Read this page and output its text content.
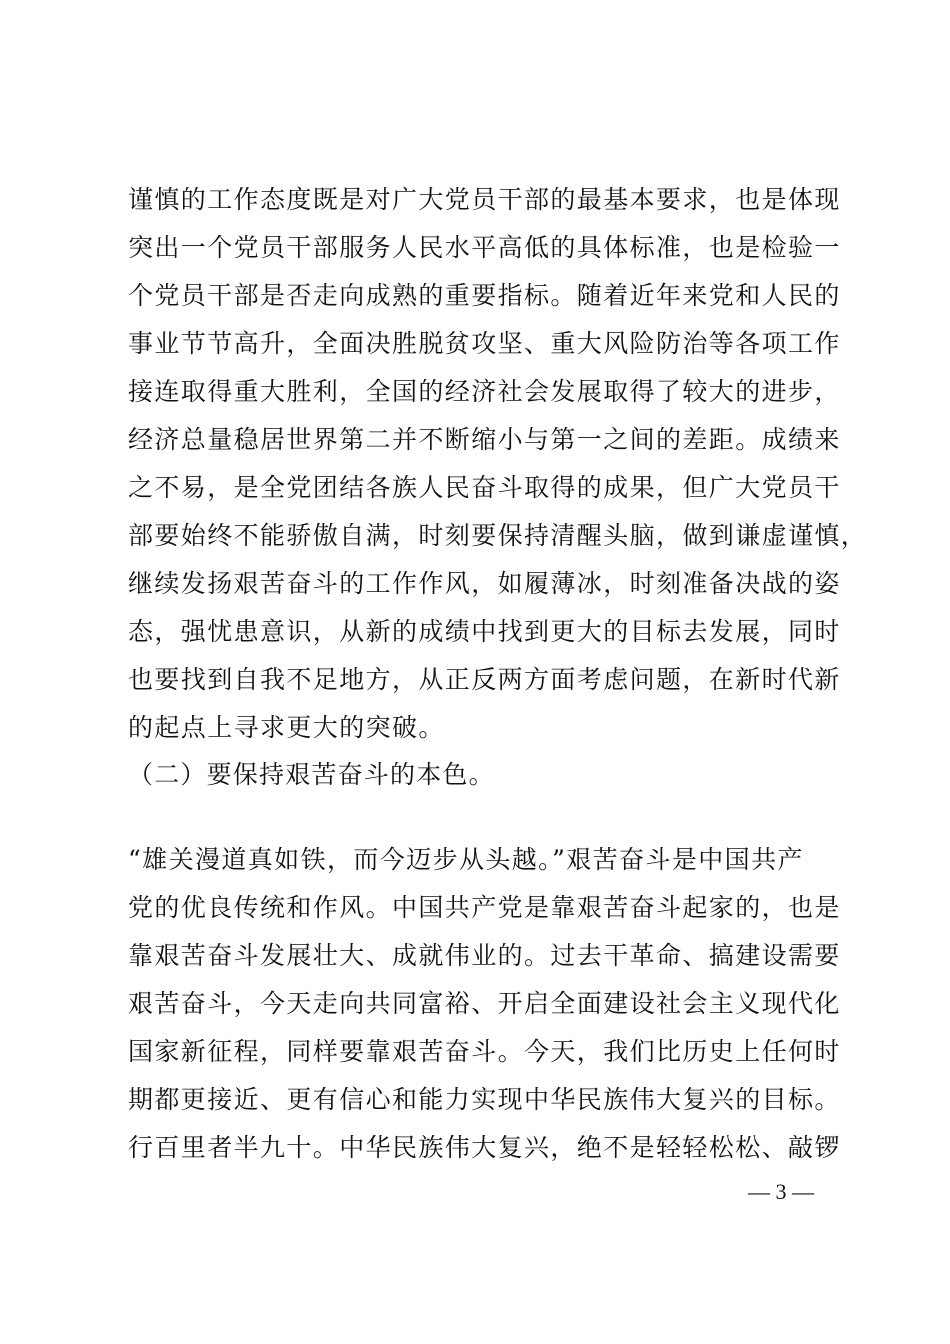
谨慎的工作态度既是对广大党员干部的最基本要求，也是体现
突出一个党员干部服务人民水平高低的具体标准，也是检验一
个党员干部是否走向成熟的重要指标。随着近年来党和人民的
事业节节高升，全面决胜脱贫攻坚、重大风险防治等各项工作
接连取得重大胜利，全国的经济社会发展取得了较大的进步，
经济总量稳居世界第二并不断缩小与第一之间的差距。成绩来
之不易，是全党团结各族人民奋斗取得的成果，但广大党员干
部要始终不能骄傲自满，时刻要保持清醒头脑，做到谦虚谨慎，
继续发扬艰苦奋斗的工作作风，如履薄冰，时刻准备决战的姿
态，强忧患意识，从新的成绩中找到更大的目标去发展，同时
也要找到自我不足地方，从正反两方面考虑问题，在新时代新
的起点上寻求更大的突破。
（二）要保持艰苦奋斗的本色。
“雄关漫道真如铁，而今迈步从头越。”艰苦奋斗是中国共产
党的优良传统和作风。中国共产党是靠艰苦奋斗起家的，也是
靠艰苦奋斗发展壮大、成就伟业的。过去干革命、搞建设需要
艰苦奋斗，今天走向共同富裕、开启全面建设社会主义现代化
国家新征程，同样要靠艰苦奋斗。今天，我们比历史上任何时
期都更接近、更有信心和能力实现中华民族伟大复兴的目标。
行百里者半九十。中华民族伟大复兴，绝不是轻轻松松、敲锣
— 3 —
